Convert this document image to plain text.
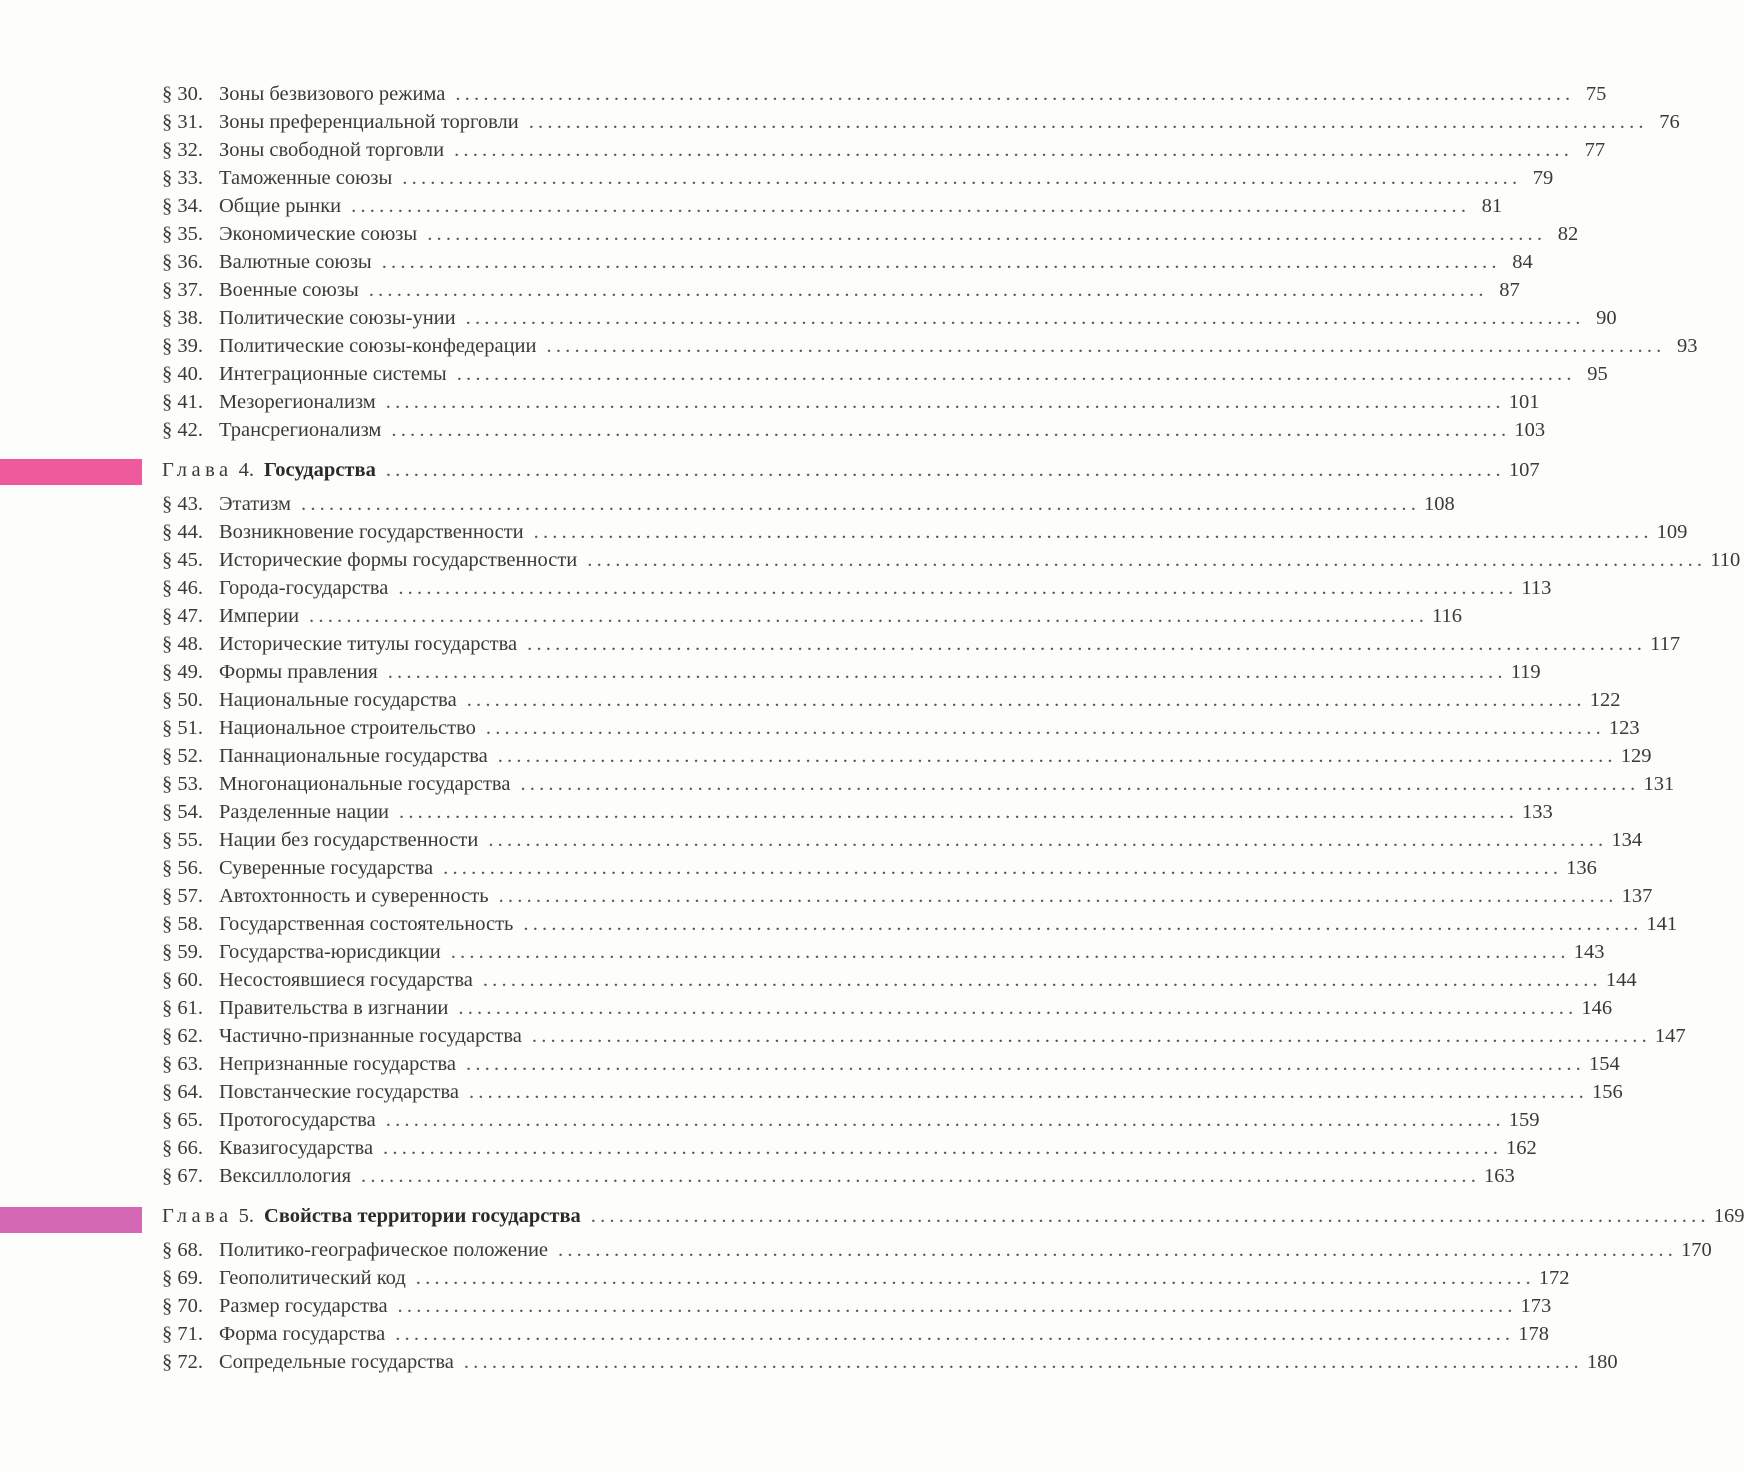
§ 30. Зоны безвизового режима ........................................................................................................................ 75
§ 31. Зоны преференциальной торговли ........................................................................................................................ 76
§ 32. Зоны свободной торговли ........................................................................................................................ 77
§ 33. Таможенные союзы ........................................................................................................................ 79
§ 34. Общие рынки ........................................................................................................................ 81
§ 35. Экономические союзы ........................................................................................................................ 82
§ 36. Валютные союзы ........................................................................................................................ 84
§ 37. Военные союзы ........................................................................................................................ 87
§ 38. Политические союзы-унии ........................................................................................................................ 90
§ 39. Политические союзы-конфедерации ........................................................................................................................ 93
§ 40. Интеграционные системы ........................................................................................................................ 95
§ 41. Мезорегионализм ........................................................................................................................ 101
§ 42. Трансрегионализм ........................................................................................................................ 103
Глава 4. Государства ........................................................................................................................ 107
§ 43. Этатизм ........................................................................................................................ 108
§ 44. Возникновение государственности ........................................................................................................................ 109
§ 45. Исторические формы государственности ........................................................................................................................ 110
§ 46. Города-государства ........................................................................................................................ 113
§ 47. Империи ........................................................................................................................ 116
§ 48. Исторические титулы государства ........................................................................................................................ 117
§ 49. Формы правления ........................................................................................................................ 119
§ 50. Национальные государства ........................................................................................................................ 122
§ 51. Национальное строительство ........................................................................................................................ 123
§ 52. Паннациональные государства ........................................................................................................................ 129
§ 53. Многонациональные государства ........................................................................................................................ 131
§ 54. Разделенные нации ........................................................................................................................ 133
§ 55. Нации без государственности ........................................................................................................................ 134
§ 56. Суверенные государства ........................................................................................................................ 136
§ 57. Автохтонность и суверенность ........................................................................................................................ 137
§ 58. Государственная состоятельность ........................................................................................................................ 141
§ 59. Государства-юрисдикции ........................................................................................................................ 143
§ 60. Несостоявшиеся государства ........................................................................................................................ 144
§ 61. Правительства в изгнании ........................................................................................................................ 146
§ 62. Частично-признанные государства ........................................................................................................................ 147
§ 63. Непризнанные государства ........................................................................................................................ 154
§ 64. Повстанческие государства ........................................................................................................................ 156
§ 65. Протогосударства ........................................................................................................................ 159
§ 66. Квазигосударства ........................................................................................................................ 162
§ 67. Вексиллология ........................................................................................................................ 163
Глава 5. Свойства территории государства ........................................................................................................................ 169
§ 68. Политико-географическое положение ........................................................................................................................ 170
§ 69. Геополитический код ........................................................................................................................ 172
§ 70. Размер государства ........................................................................................................................ 173
§ 71. Форма государства ........................................................................................................................ 178
§ 72. Сопредельные государства ........................................................................................................................ 180
